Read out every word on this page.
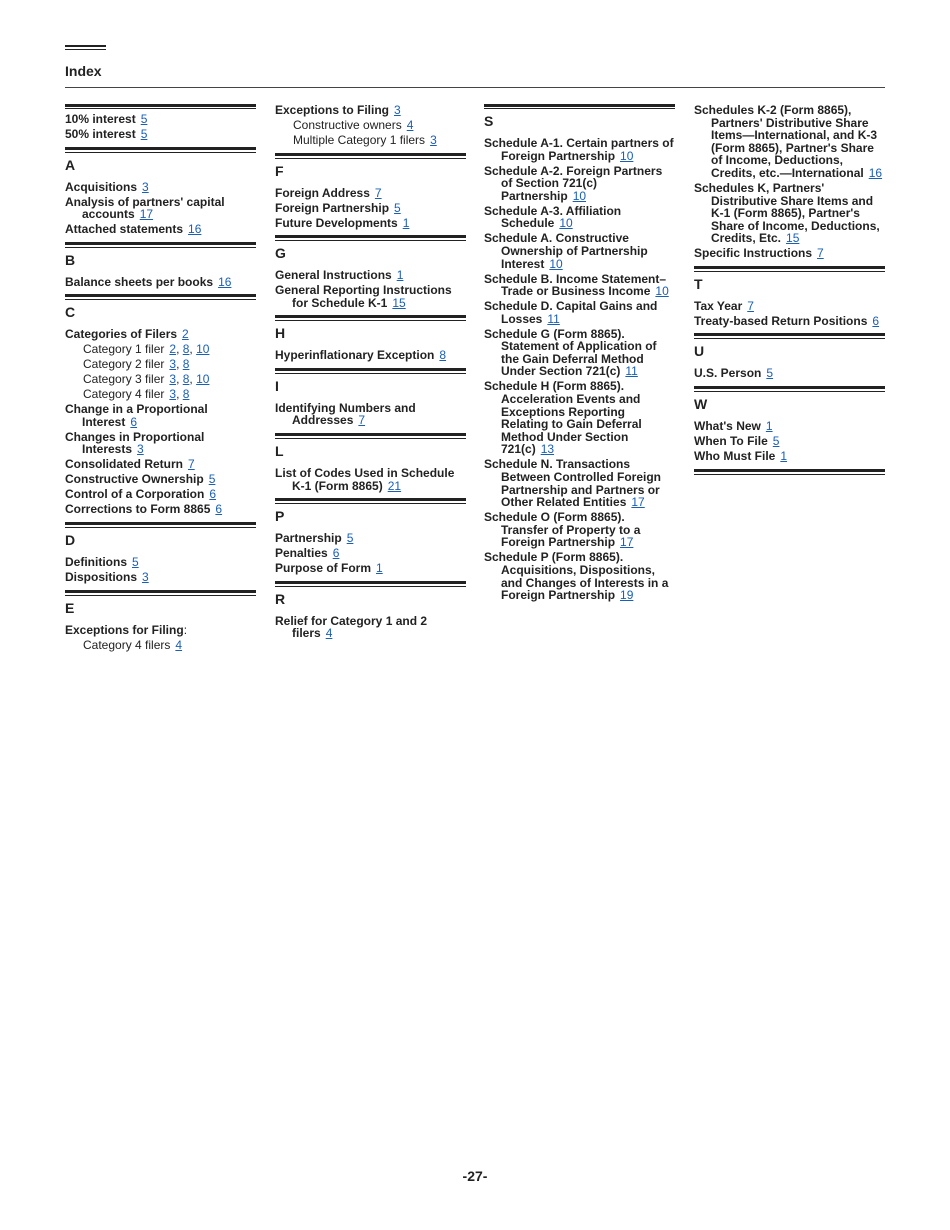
Index
10% interest 5
50% interest 5
A
Acquisitions 3
Analysis of partners' capital accounts 17
Attached statements 16
B
Balance sheets per books 16
C
Categories of Filers 2
Category 1 filer 2, 8, 10
Category 2 filer 3, 8
Category 3 filer 3, 8, 10
Category 4 filer 3, 8
Change in a Proportional Interest 6
Changes in Proportional Interests 3
Consolidated Return 7
Constructive Ownership 5
Control of a Corporation 6
Corrections to Form 8865 6
D
Definitions 5
Dispositions 3
E
Exceptions for Filing:
Category 4 filers 4
Exceptions to Filing 3
Constructive owners 4
Multiple Category 1 filers 3
F
Foreign Address 7
Foreign Partnership 5
Future Developments 1
G
General Instructions 1
General Reporting Instructions for Schedule K-1 15
H
Hyperinflationary Exception 8
I
Identifying Numbers and Addresses 7
L
List of Codes Used in Schedule K-1 (Form 8865) 21
P
Partnership 5
Penalties 6
Purpose of Form 1
R
Relief for Category 1 and 2 filers 4
S
Schedule A-1. Certain partners of Foreign Partnership 10
Schedule A-2. Foreign Partners of Section 721(c) Partnership 10
Schedule A-3. Affiliation Schedule 10
Schedule A. Constructive Ownership of Partnership Interest 10
Schedule B. Income Statement–Trade or Business Income 10
Schedule D. Capital Gains and Losses 11
Schedule G (Form 8865). Statement of Application of the Gain Deferral Method Under Section 721(c) 11
Schedule H (Form 8865). Acceleration Events and Exceptions Reporting Relating to Gain Deferral Method Under Section 721(c) 13
Schedule N. Transactions Between Controlled Foreign Partnership and Partners or Other Related Entities 17
Schedule O (Form 8865). Transfer of Property to a Foreign Partnership 17
Schedule P (Form 8865). Acquisitions, Dispositions, and Changes of Interests in a Foreign Partnership 19
Schedules K-2 (Form 8865), Partners' Distributive Share Items—International, and K-3 (Form 8865), Partner's Share of Income, Deductions, Credits, etc.—International 16
Schedules K, Partners' Distributive Share Items and K-1 (Form 8865), Partner's Share of Income, Deductions, Credits, Etc. 15
Specific Instructions 7
T
Tax Year 7
Treaty-based Return Positions 6
U
U.S. Person 5
W
What's New 1
When To File 5
Who Must File 1
-27-
